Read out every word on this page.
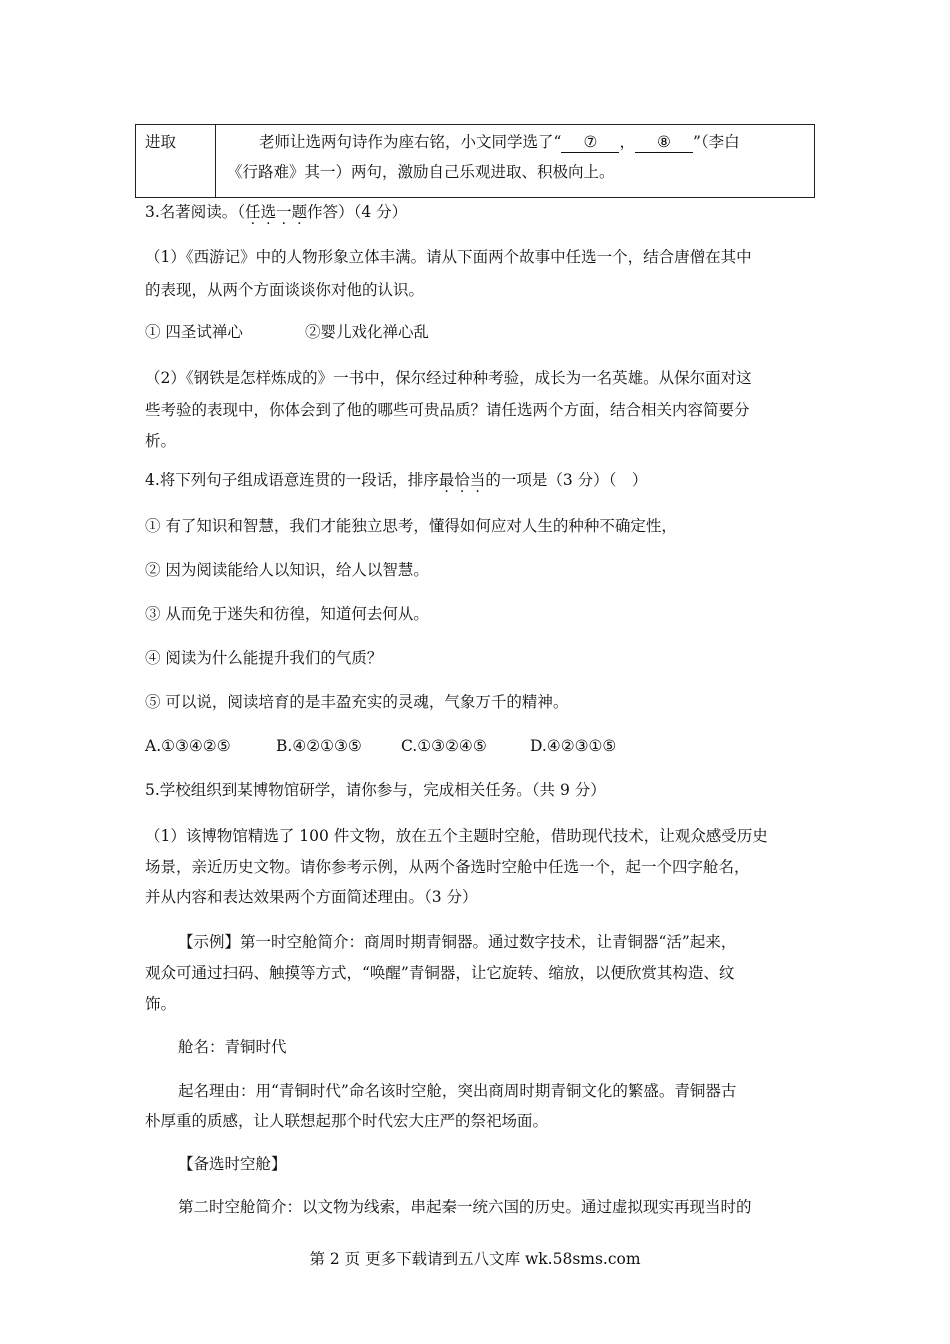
进取	老师让选两句诗作为座右铭，小文同学选了“ ⑦ ， ⑧ ”（李白
《行路难》其一）两句，激励自己乐观进取、积极向上。
3.名著阅读。（任选一题作答）（4 分）
（1）《西游记》中的人物形象立体丰满。请从下面两个故事中任选一个，结合唐僧在其中
的表现，从两个方面谈谈你对他的认识。
① 四圣试禅心	②婴儿戏化禅心乱
（2）《钢铁是怎样炼成的》一书中，保尔经过种种考验，成长为一名英雄。从保尔面对这
些考验的表现中，你体会到了他的哪些可贵品质？请任选两个方面，结合相关内容简要分
析。
4.将下列句子组成语意连贯的一段话，排序最恰当的一项是（3 分）（　）
① 有了知识和智慧，我们才能独立思考，懂得如何应对人生的种种不确定性，
② 因为阅读能给人以知识，给人以智慧。
③ 从而免于迷失和彷徨，知道何去何从。
④ 阅读为什么能提升我们的气质？
⑤ 可以说，阅读培育的是丰盈充实的灵魂，气象万千的精神。
A.①③④②⑤	B.④②①③⑤	C.①③②④⑤	D.④②③①⑤
5.学校组织到某博物馆研学，请你参与，完成相关任务。（共 9 分）
（1）该博物馆精选了 100 件文物，放在五个主题时空舱，借助现代技术，让观众感受历史
场景，亲近历史文物。请你参考示例，从两个备选时空舱中任选一个，起一个四字舱名，
并从内容和表达效果两个方面简述理由。（3 分）
【示例】第一时空舱简介：商周时期青铜器。通过数字技术，让青铜器“活”起来，
观众可通过扫码、触摸等方式，“唤醒”青铜器，让它旋转、缩放，以便欣赏其构造、纹
饰。
舱名：青铜时代
起名理由：用“青铜时代”命名该时空舱，突出商周时期青铜文化的繁盛。青铜器古
朴厚重的质感，让人联想起那个时代宏大庄严的祭祀场面。
【备选时空舱】
第二时空舱简介：以文物为线索，串起秦一统六国的历史。通过虚拟现实再现当时的
第 2 页 更多下载请到五八文库 wk.58sms.com
